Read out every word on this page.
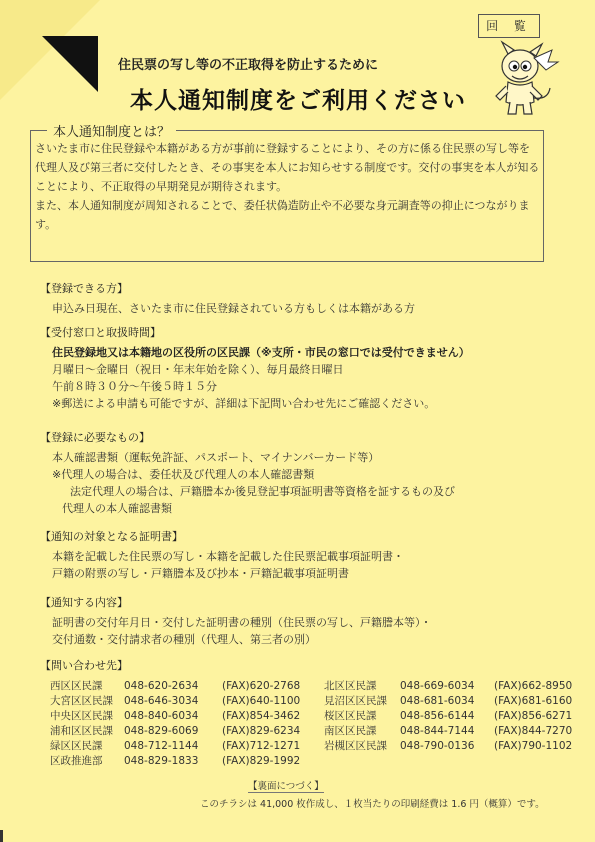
回 覧
住民票の写し等の不正取得を防止するために
本人通知制度をご利用ください
本人通知制度とは？

さいたま市に住民登録や本籍がある方が事前に登録することにより、その方に係る住民票の写し等を代理人及び第三者に交付したとき、その事実を本人にお知らせする制度です。交付の事実を本人が知ることにより、不正取得の早期発見が期待されます。

また、本人通知制度が周知されることで、委任状偽造防止や不必要な身元調査等の抑止につながります。

【登録できる方】
申込み日現在、さいたま市に住民登録されている方もしくは本籍がある方
【受付窓口と取扱時間】
住民登録地又は本籍地の区役所の区民課（※支所・市民の窓口では受付できません）
月曜日～金曜日（祝日・年末年始を除く）、毎月最終日曜日
午前８時３０分～午後５時１５分
※郵送による申請も可能ですが、詳細は下記問い合わせ先にご確認ください。
【登録に必要なもの】
本人確認書類（運転免許証、パスポート、マイナンバーカード等）
※代理人の場合は、委任状及び代理人の本人確認書類
法定代理人の場合は、戸籍謄本か後見登記事項証明書等資格を証するもの及び
代理人の本人確認書類
【通知の対象となる証明書】
本籍を記載した住民票の写し・本籍を記載した住民票記載事項証明書・
戸籍の附票の写し・戸籍謄本及び抄本・戸籍記載事項証明書
【通知する内容】
証明書の交付年月日・交付した証明書の種別（住民票の写し、戸籍謄本等）・
交付通数・交付請求者の種別（代理人、第三者の別）
【問い合わせ先】
西区区民課	048-620-2634	(FAX)620-2768	北区区民課	048-669-6034	(FAX)662-8950
大宮区区民課	048-646-3034	(FAX)640-1100	見沼区区民課	048-681-6034	(FAX)681-6160
中央区区民課	048-840-6034	(FAX)854-3462	桜区区民課	048-856-6144	(FAX)856-6271
浦和区区民課	048-829-6069	(FAX)829-6234	南区区民課	048-844-7144	(FAX)844-7270
緑区区民課	048-712-1144	(FAX)712-1271	岩槻区区民課	048-790-0136	(FAX)790-1102
区政推進部	048-829-1833	(FAX)829-1992			
【裏面につづく】
このチラシは 41,000 枚作成し、１枚当たりの印刷経費は 1.6 円（概算）です。
